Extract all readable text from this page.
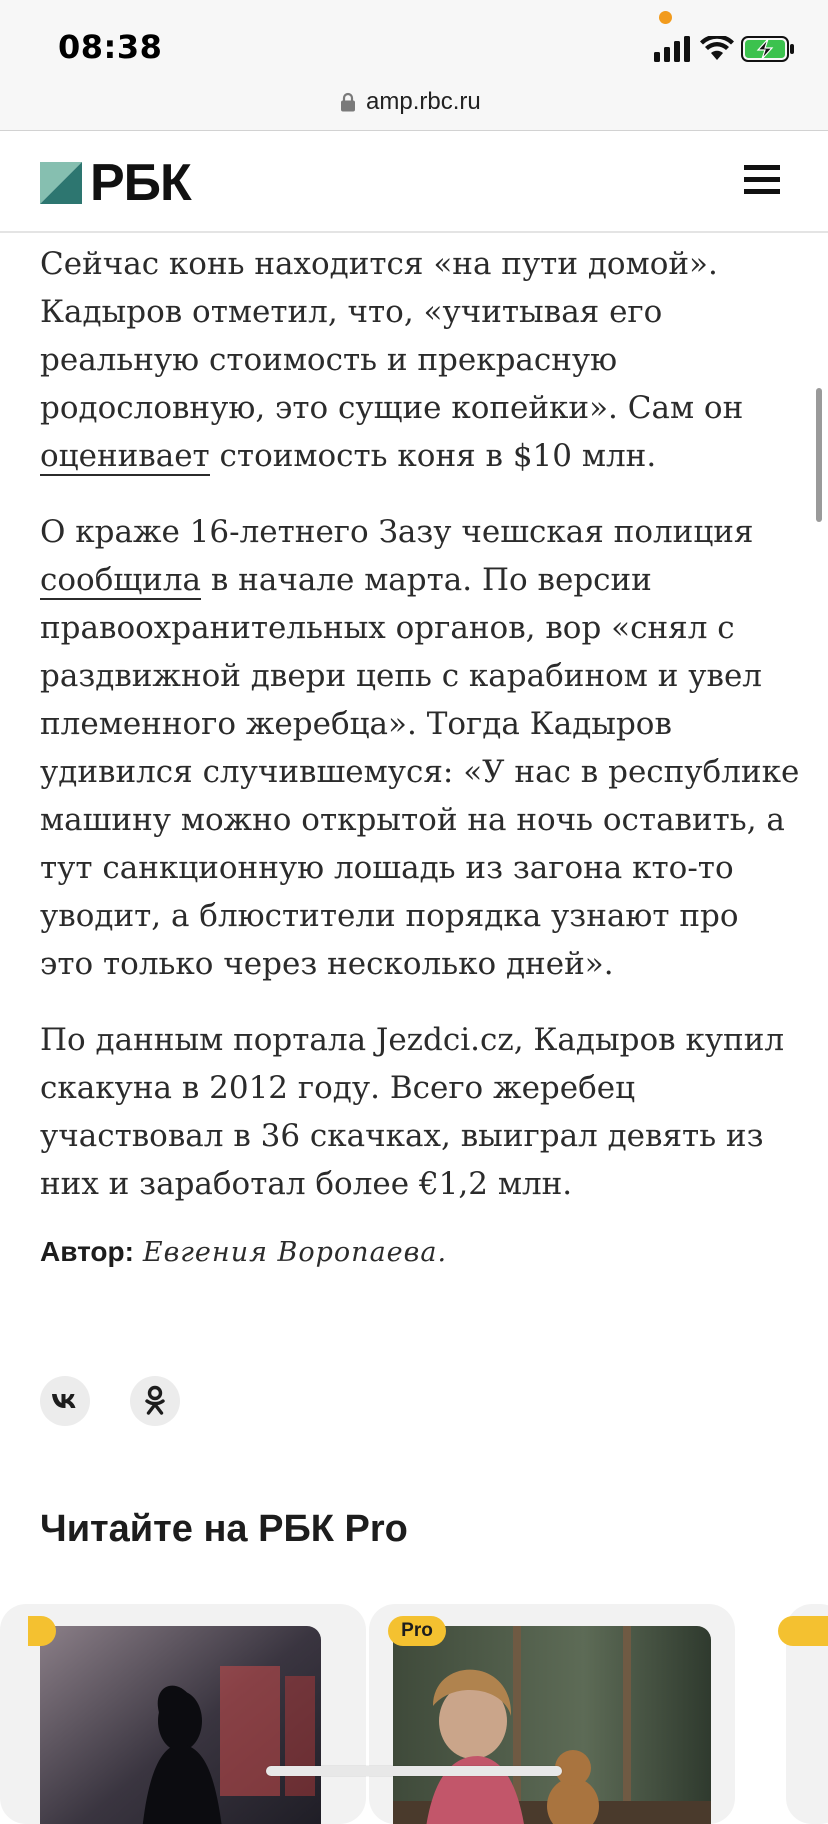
08:38
amp.rbc.ru
РБК

Сейчас конь находится «на пути домой». Кадыров отметил, что, «учитывая его реальную стоимость и прекрасную родословную, это сущие копейки». Сам он оценивает стоимость коня в $10 млн.

О краже 16-летнего Зазу чешская полиция сообщила в начале марта. По версии правоохранительных органов, вор «снял с раздвижной двери цепь с карабином и увел племенного жеребца». Тогда Кадыров удивился случившемуся: «У нас в республике машину можно открытой на ночь оставить, а тут санкционную лошадь из загона кто-то уводит, а блюстители порядка узнают про это только через несколько дней».

По данным портала Jezdci.cz, Кадыров купил скакуна в 2012 году. Всего жеребец участвовал в 36 скачках, выиграл девять из них и заработал более €1,2 млн.

Автор: Евгения Воропаева.
Читайте на РБК Pro
Pro
